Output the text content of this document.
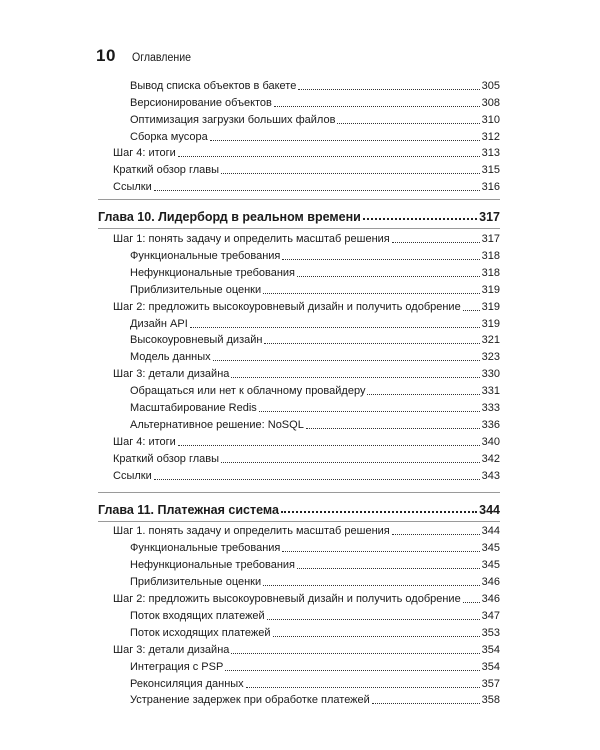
10 Оглавление
Вывод списка объектов в бакете	305
Версионирование объектов	308
Оптимизация загрузки больших файлов	310
Сборка мусора	312
Шаг 4: итоги	313
Краткий обзор главы	315
Ссылки	316
Глава 10. Лидерборд в реальном времени	317
Шаг 1: понять задачу и определить масштаб решения	317
Функциональные требования	318
Нефункциональные требования	318
Приблизительные оценки	319
Шаг 2: предложить высокоуровневый дизайн и получить одобрение 319
Дизайн API	319
Высокоуровневый дизайн	321
Модель данных	323
Шаг 3: детали дизайна	330
Обращаться или нет к облачному провайдеру	331
Масштабирование Redis	333
Альтернативное решение: NoSQL	336
Шаг 4: итоги	340
Краткий обзор главы	342
Ссылки	343
Глава 11. Платежная система	344
Шаг 1. понять задачу и определить масштаб решения	344
Функциональные требования	345
Нефункциональные требования	345
Приблизительные оценки	346
Шаг 2: предложить высокоуровневый дизайн и получить одобрение 346
Поток входящих платежей	347
Поток исходящих платежей	353
Шаг 3: детали дизайна	354
Интеграция с PSP	354
Реконсиляция данных	357
Устранение задержек при обработке платежей	358
